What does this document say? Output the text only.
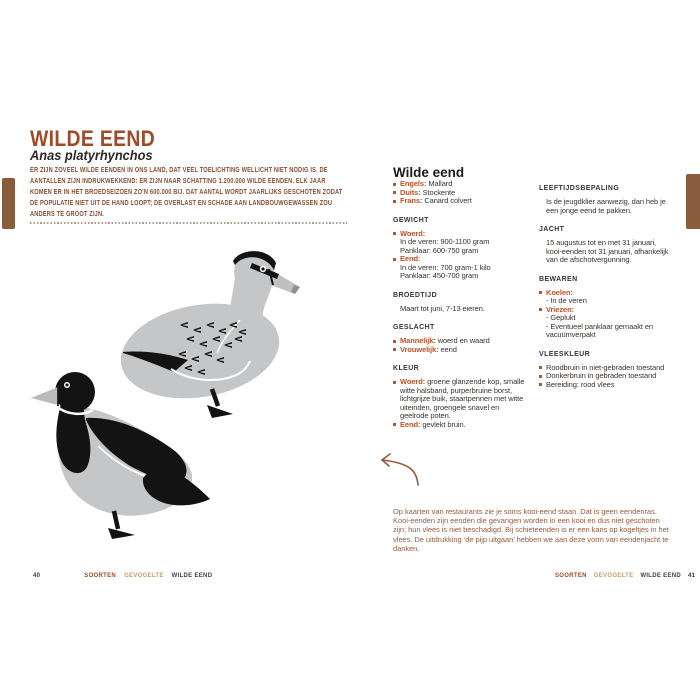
WILDE EEND
Anas platyrhynchos

ER ZIJN ZOVEEL WILDE EENDEN IN ONS LAND, DAT VEEL TOELICHTING WELLICHT NIET NODIG IS. DE AANTALLEN ZIJN INDRUKWEKKEND: ER ZIJN NAAR SCHATTING 1.200.000 WILDE EENDEN. ELK JAAR KOMEN ER IN HET BROEDSEIZOEN ZO’N 600.000 BIJ. DAT AANTAL WORDT JAARLIJKS GESCHOTEN ZODAT DE POPULATIE NIET UIT DE HAND LOOPT; DE OVERLAST EN SCHADE AAN LANDBOUWGEWASSEN ZOU ANDERS TE GROOT ZIJN.

40	SOORTEN GEVOGELTE WILDE EEND
Wilde eend
Engels: Mallard
Duits: Stockente
Frans: Canard colvert
GEWICHT
Woerd:
In de veren: 900-1100 gram
Panklaar: 600-750 gram
Eend:
In de veren: 700 gram-1 kilo
Panklaar: 450-700 gram
BROEDTIJD
Maart tot juni, 7-13 eieren.
GESLACHT
Mannelijk: woerd en waard
Vrouwelijk: eend
KLEUR
Woerd: groene glanzende kop, smalle witte halsband, purperbruine borst, lichtgrijze buik, staartpennen met witte uiteinden, groengele snavel en geelrode poten.
Eend: gevlekt bruin.
LEEFTIJDSBEPALING
Is de jeugdklier aanwezig, dan heb je een jonge eend te pakken.
JACHT
15 augustus tot en met 31 januari, kooi-eenden tot 31 januari, afhankelijk van de afschotvergunning.
BEWAREN
Koelen:
- In de veren
Vriezen:
- Geplukt
- Eventueel panklaar gemaakt en vacuümverpakt
VLEESKLEUR
Roodbruin in niet-gebraden toestand
Donkerbruin in gebraden toestand
Bereiding: rood vlees

Op kaarten van restaurants zie je soms kooi-eend staan. Dat is geen eendenras. Kooi-eenden zijn eenden die gevangen worden in een kooi en dus niet geschoten zijn; hun vlees is niet beschadigd. Bij schieteenden is er een kans op kogeltjes in het vlees. De uitdrukking ‘de pijp uitgaan’ hebben we aan deze vorm van eendenjacht te danken.

SOORTEN GEVOGELTE WILDE EEND	41
